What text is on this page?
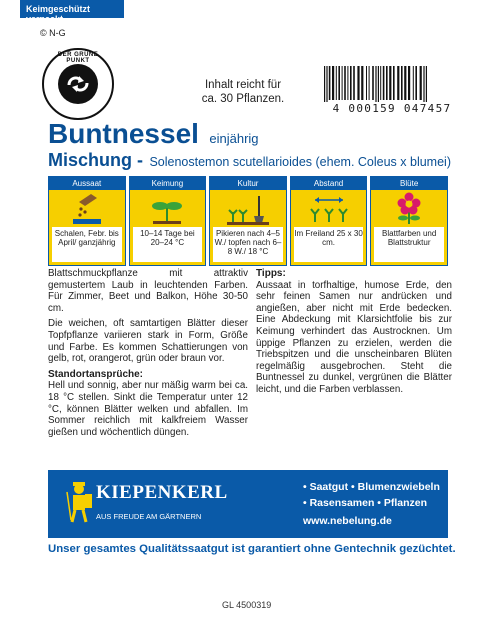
Keimgeschützt verpackt
© N-G
DER GRÜNE PUNKT
Inhalt reicht für
ca. 30 Pflanzen.
4 000159 047457
Buntnessel einjährig
Mischung - Solenostemon scutellarioides (ehem. Coleus x blumei)
Aussaat
Schalen, Febr. bis April/ ganzjährig
Keimung
10–14 Tage bei 20–24 °C
Kultur
Pikieren nach 4–5 W./ topfen nach 6–8 W./ 18 °C
Abstand
Im Freiland 25 x 30 cm.
Blüte
Blattfarben und Blattstruktur

Blattschmuckpflanze mit attraktiv gemustertem Laub in leuchtenden Farben. Für Zimmer, Beet und Balkon, Höhe 30-50 cm.

Die weichen, oft samtartigen Blätter dieser Topfpflanze variieren stark in Form, Größe und Farbe. Es kommen Schattierungen von gelb, rot, orangerot, grün oder braun vor.

Standortansprüche:

Hell und sonnig, aber nur mäßig warm bei ca. 18 °C stellen. Sinkt die Temperatur unter 12 °C, können Blätter welken und abfallen. Im Sommer reichlich mit kalkfreiem Wasser gießen und wöchentlich düngen.

Tipps:

Aussaat in torfhaltige, humose Erde, den sehr feinen Samen nur andrücken und angießen, aber nicht mit Erde bedecken. Eine Abdeckung mit Klarsichtfolie bis zur Keimung verhindert das Austrocknen. Um üppige Pflanzen zu erzielen, werden die Triebspitzen und die unscheinbaren Blüten regelmäßig ausgebrochen. Steht die Buntnessel zu dunkel, vergrünen die Blätter leicht, und die Farben verblassen.

KIEPENKERL
AUS FREUDE AM GÄRTNERN
• Saatgut • Blumenzwiebeln
• Rasensamen • Pflanzen
www.nebelung.de
Unser gesamtes Qualitätssaatgut ist garantiert ohne Gentechnik gezüchtet.
GL 4500319
